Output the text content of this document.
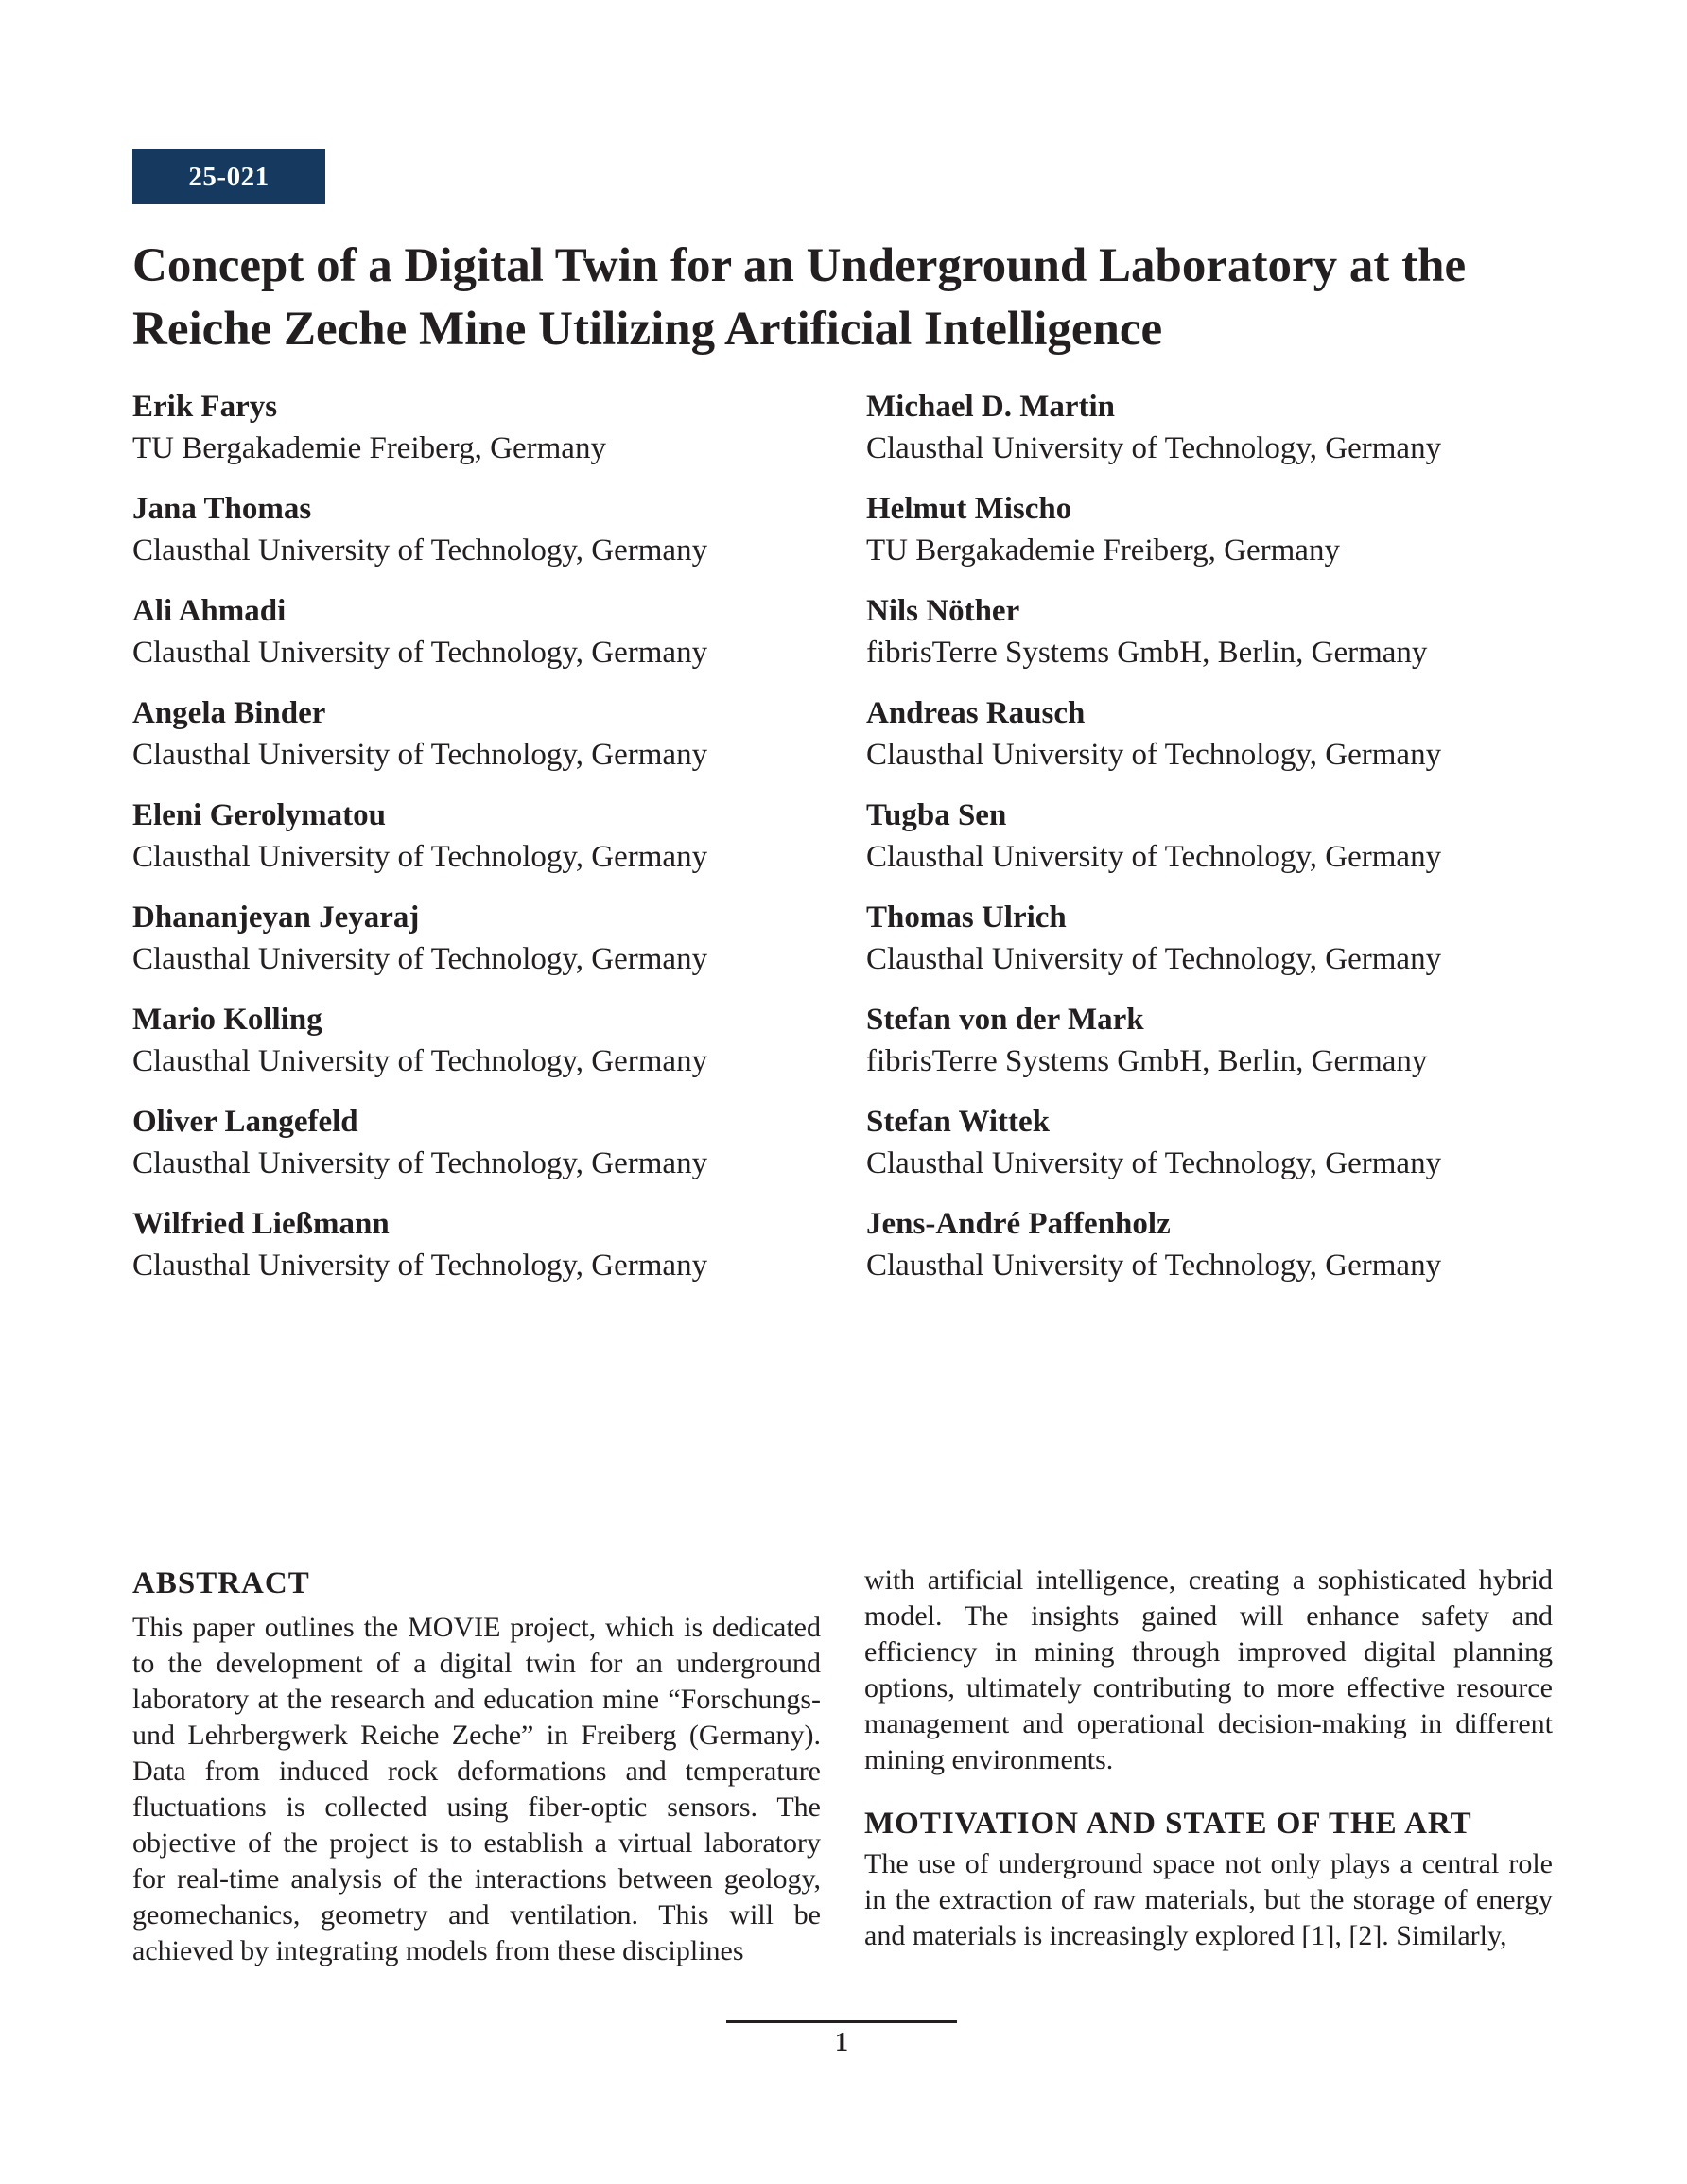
25-021
Concept of a Digital Twin for an Underground Laboratory at the Reiche Zeche Mine Utilizing Artificial Intelligence
Erik Farys
TU Bergakademie Freiberg, Germany
Michael D. Martin
Clausthal University of Technology, Germany
Jana Thomas
Clausthal University of Technology, Germany
Helmut Mischo
TU Bergakademie Freiberg, Germany
Ali Ahmadi
Clausthal University of Technology, Germany
Nils Nöther
fibrisTerre Systems GmbH, Berlin, Germany
Angela Binder
Clausthal University of Technology, Germany
Andreas Rausch
Clausthal University of Technology, Germany
Eleni Gerolymatou
Clausthal University of Technology, Germany
Tugba Sen
Clausthal University of Technology, Germany
Dhananjeyan Jeyaraj
Clausthal University of Technology, Germany
Thomas Ulrich
Clausthal University of Technology, Germany
Mario Kolling
Clausthal University of Technology, Germany
Stefan von der Mark
fibrisTerre Systems GmbH, Berlin, Germany
Oliver Langefeld
Clausthal University of Technology, Germany
Stefan Wittek
Clausthal University of Technology, Germany
Wilfried Ließmann
Clausthal University of Technology, Germany
Jens-André Paffenholz
Clausthal University of Technology, Germany
ABSTRACT

This paper outlines the MOVIE project, which is dedicated to the development of a digital twin for an underground laboratory at the research and education mine “Forschungs- und Lehrbergwerk Reiche Zeche” in Freiberg (Germany). Data from induced rock deformations and temperature fluctuations is collected using fiber-optic sensors. The objective of the project is to establish a virtual laboratory for real-time analysis of the interactions between geology, geomechanics, geometry and ventilation. This will be achieved by integrating models from these disciplines

with artificial intelligence, creating a sophisticated hybrid model. The insights gained will enhance safety and efficiency in mining through improved digital planning options, ultimately contributing to more effective resource management and operational decision-making in different mining environments.

MOTIVATION AND STATE OF THE ART

The use of underground space not only plays a central role in the extraction of raw materials, but the storage of energy and materials is increasingly explored [1], [2]. Similarly,

1
